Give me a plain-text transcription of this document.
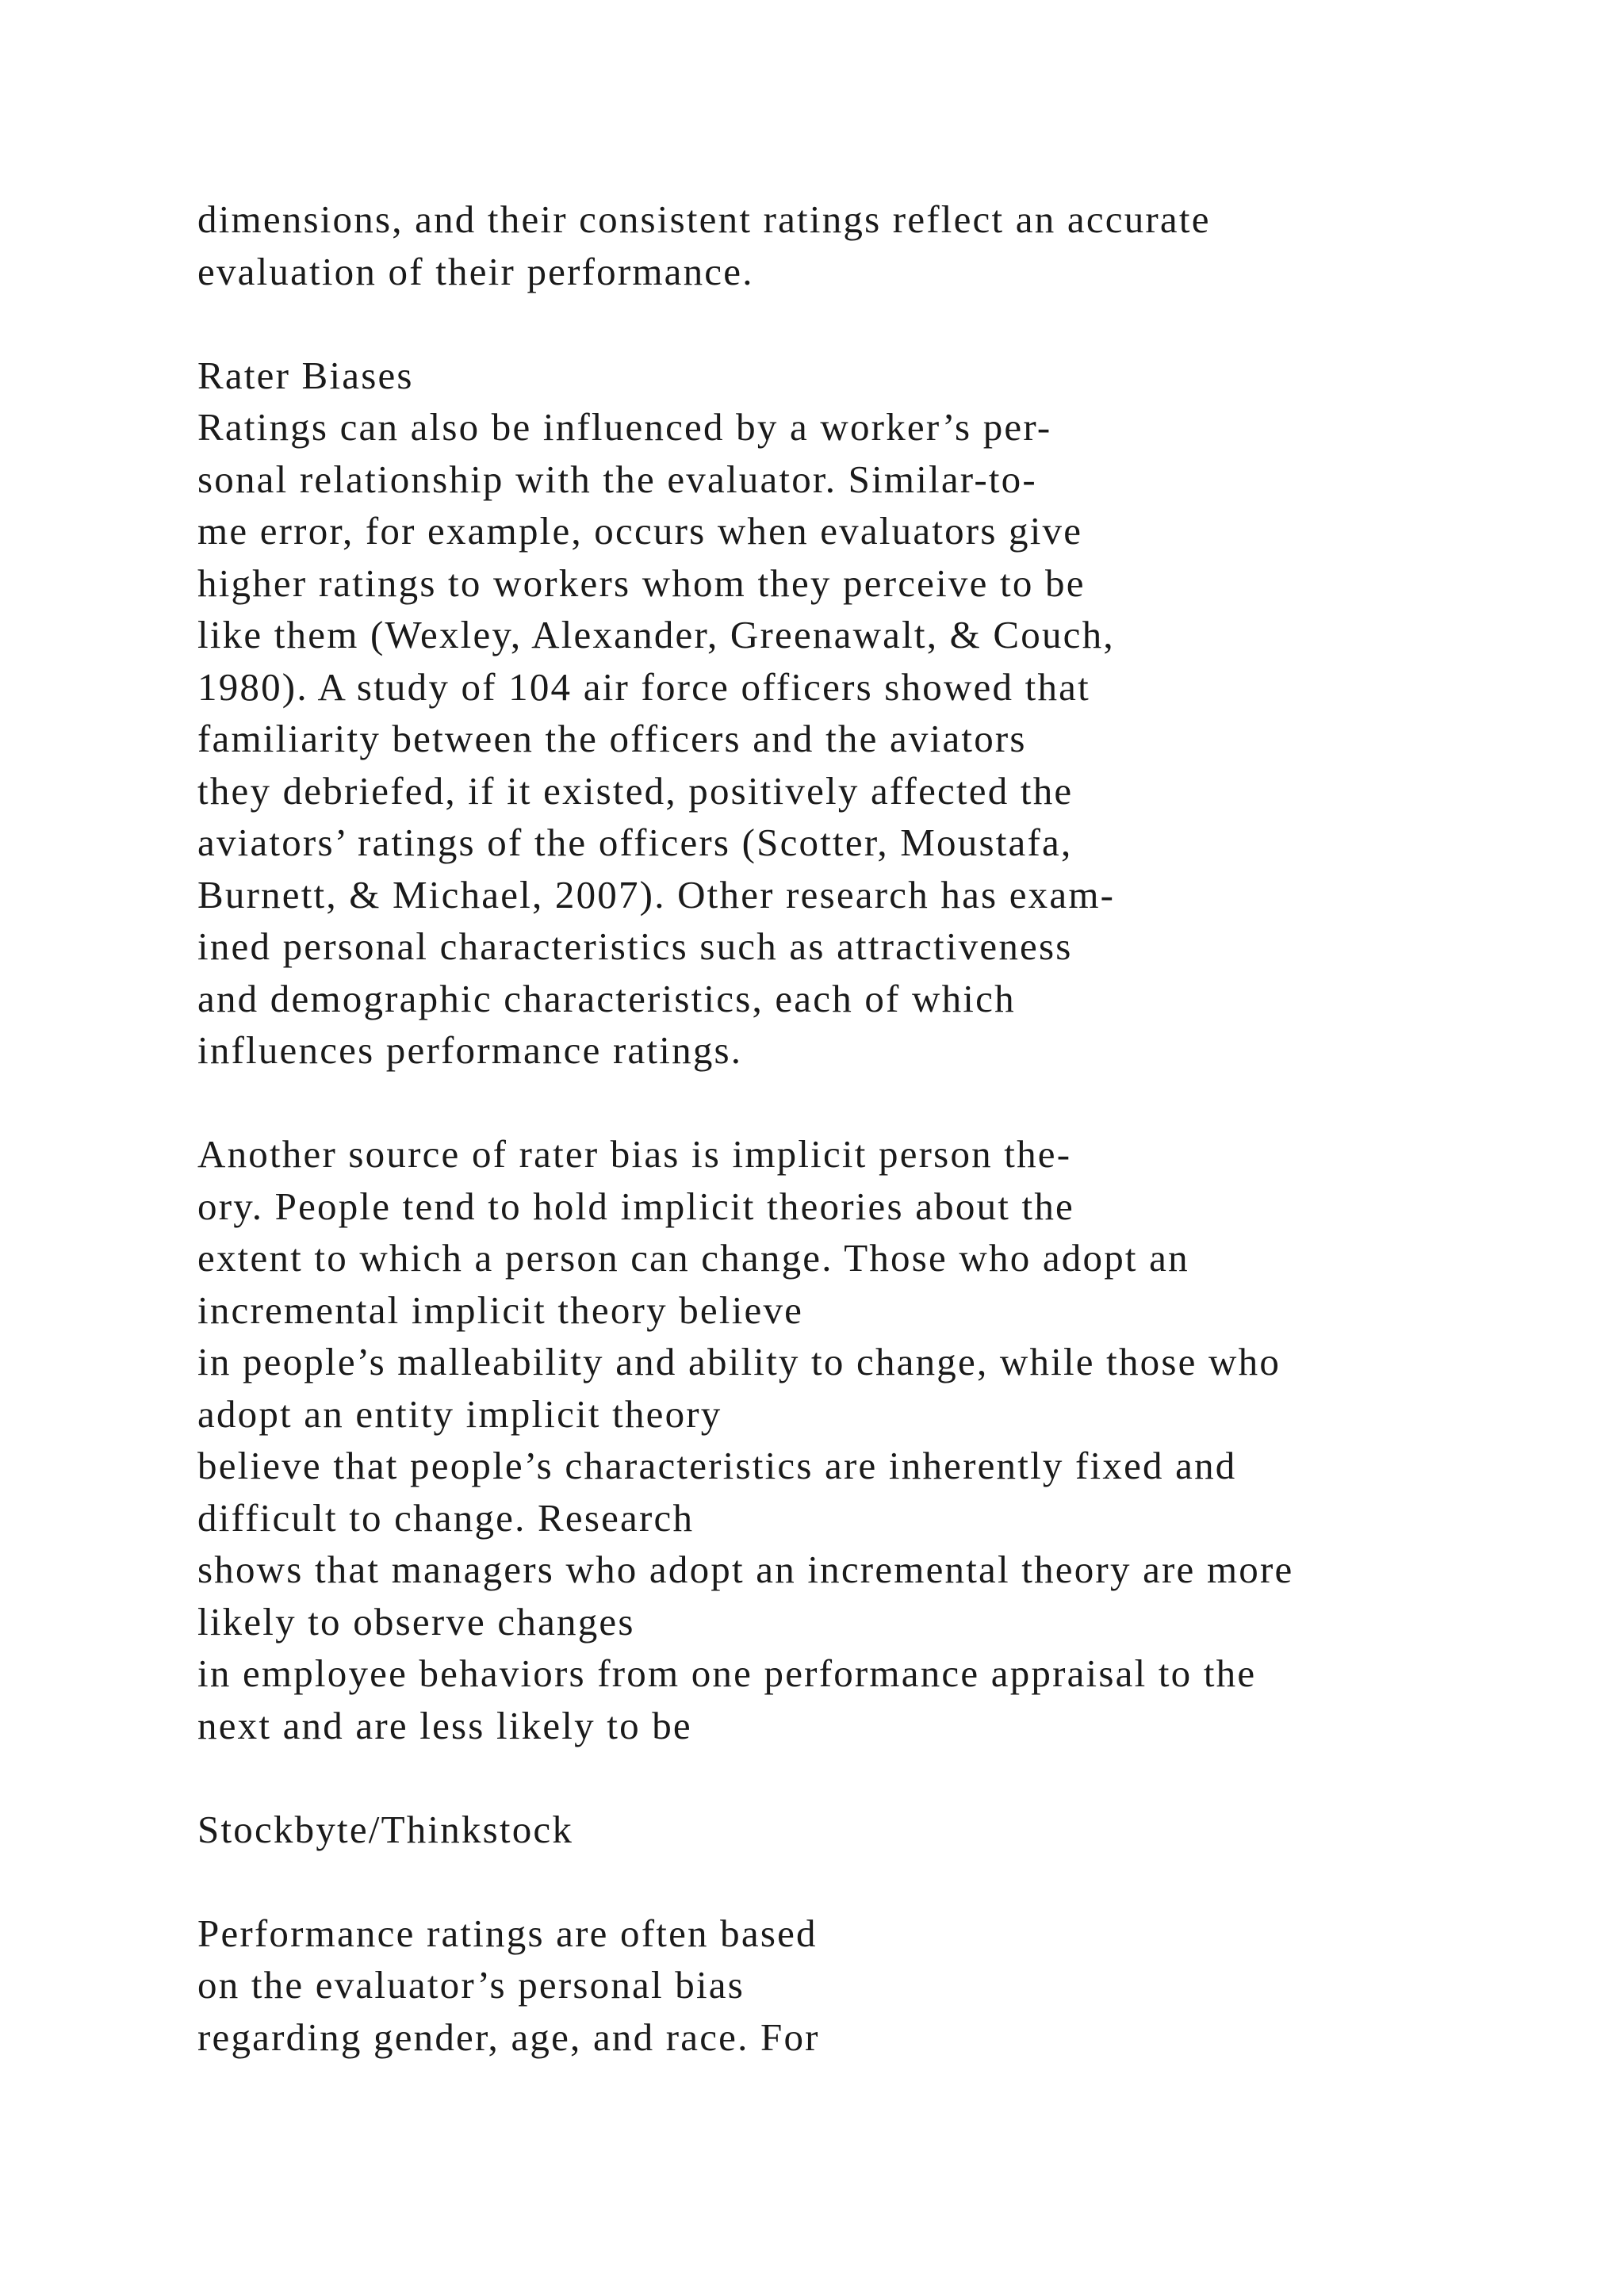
dimensions, and their consistent ratings reflect an accurate
evaluation of their performance.
Rater Biases
Ratings can also be influenced by a worker’s per-
sonal relationship with the evaluator. Similar-to-
me error, for example, occurs when evaluators give
higher ratings to workers whom they perceive to be
like them (Wexley, Alexander, Greenawalt, & Couch,
1980). A study of 104 air force officers showed that
familiarity between the officers and the aviators
they debriefed, if it existed, positively affected the
aviators’ ratings of the officers (Scotter, Moustafa,
Burnett, & Michael, 2007). Other research has exam-
ined personal characteristics such as attractiveness
and demographic characteristics, each of which
influences performance ratings.
Another source of rater bias is implicit person the-
ory. People tend to hold implicit theories about the
extent to which a person can change. Those who adopt an
incremental implicit theory believe
in people’s malleability and ability to change, while those who
adopt an entity implicit theory
believe that people’s characteristics are inherently fixed and
difficult to change. Research
shows that managers who adopt an incremental theory are more
likely to observe changes
in employee behaviors from one performance appraisal to the
next and are less likely to be
Stockbyte/Thinkstock
Performance ratings are often based
on the evaluator’s personal bias
regarding gender, age, and race. For
